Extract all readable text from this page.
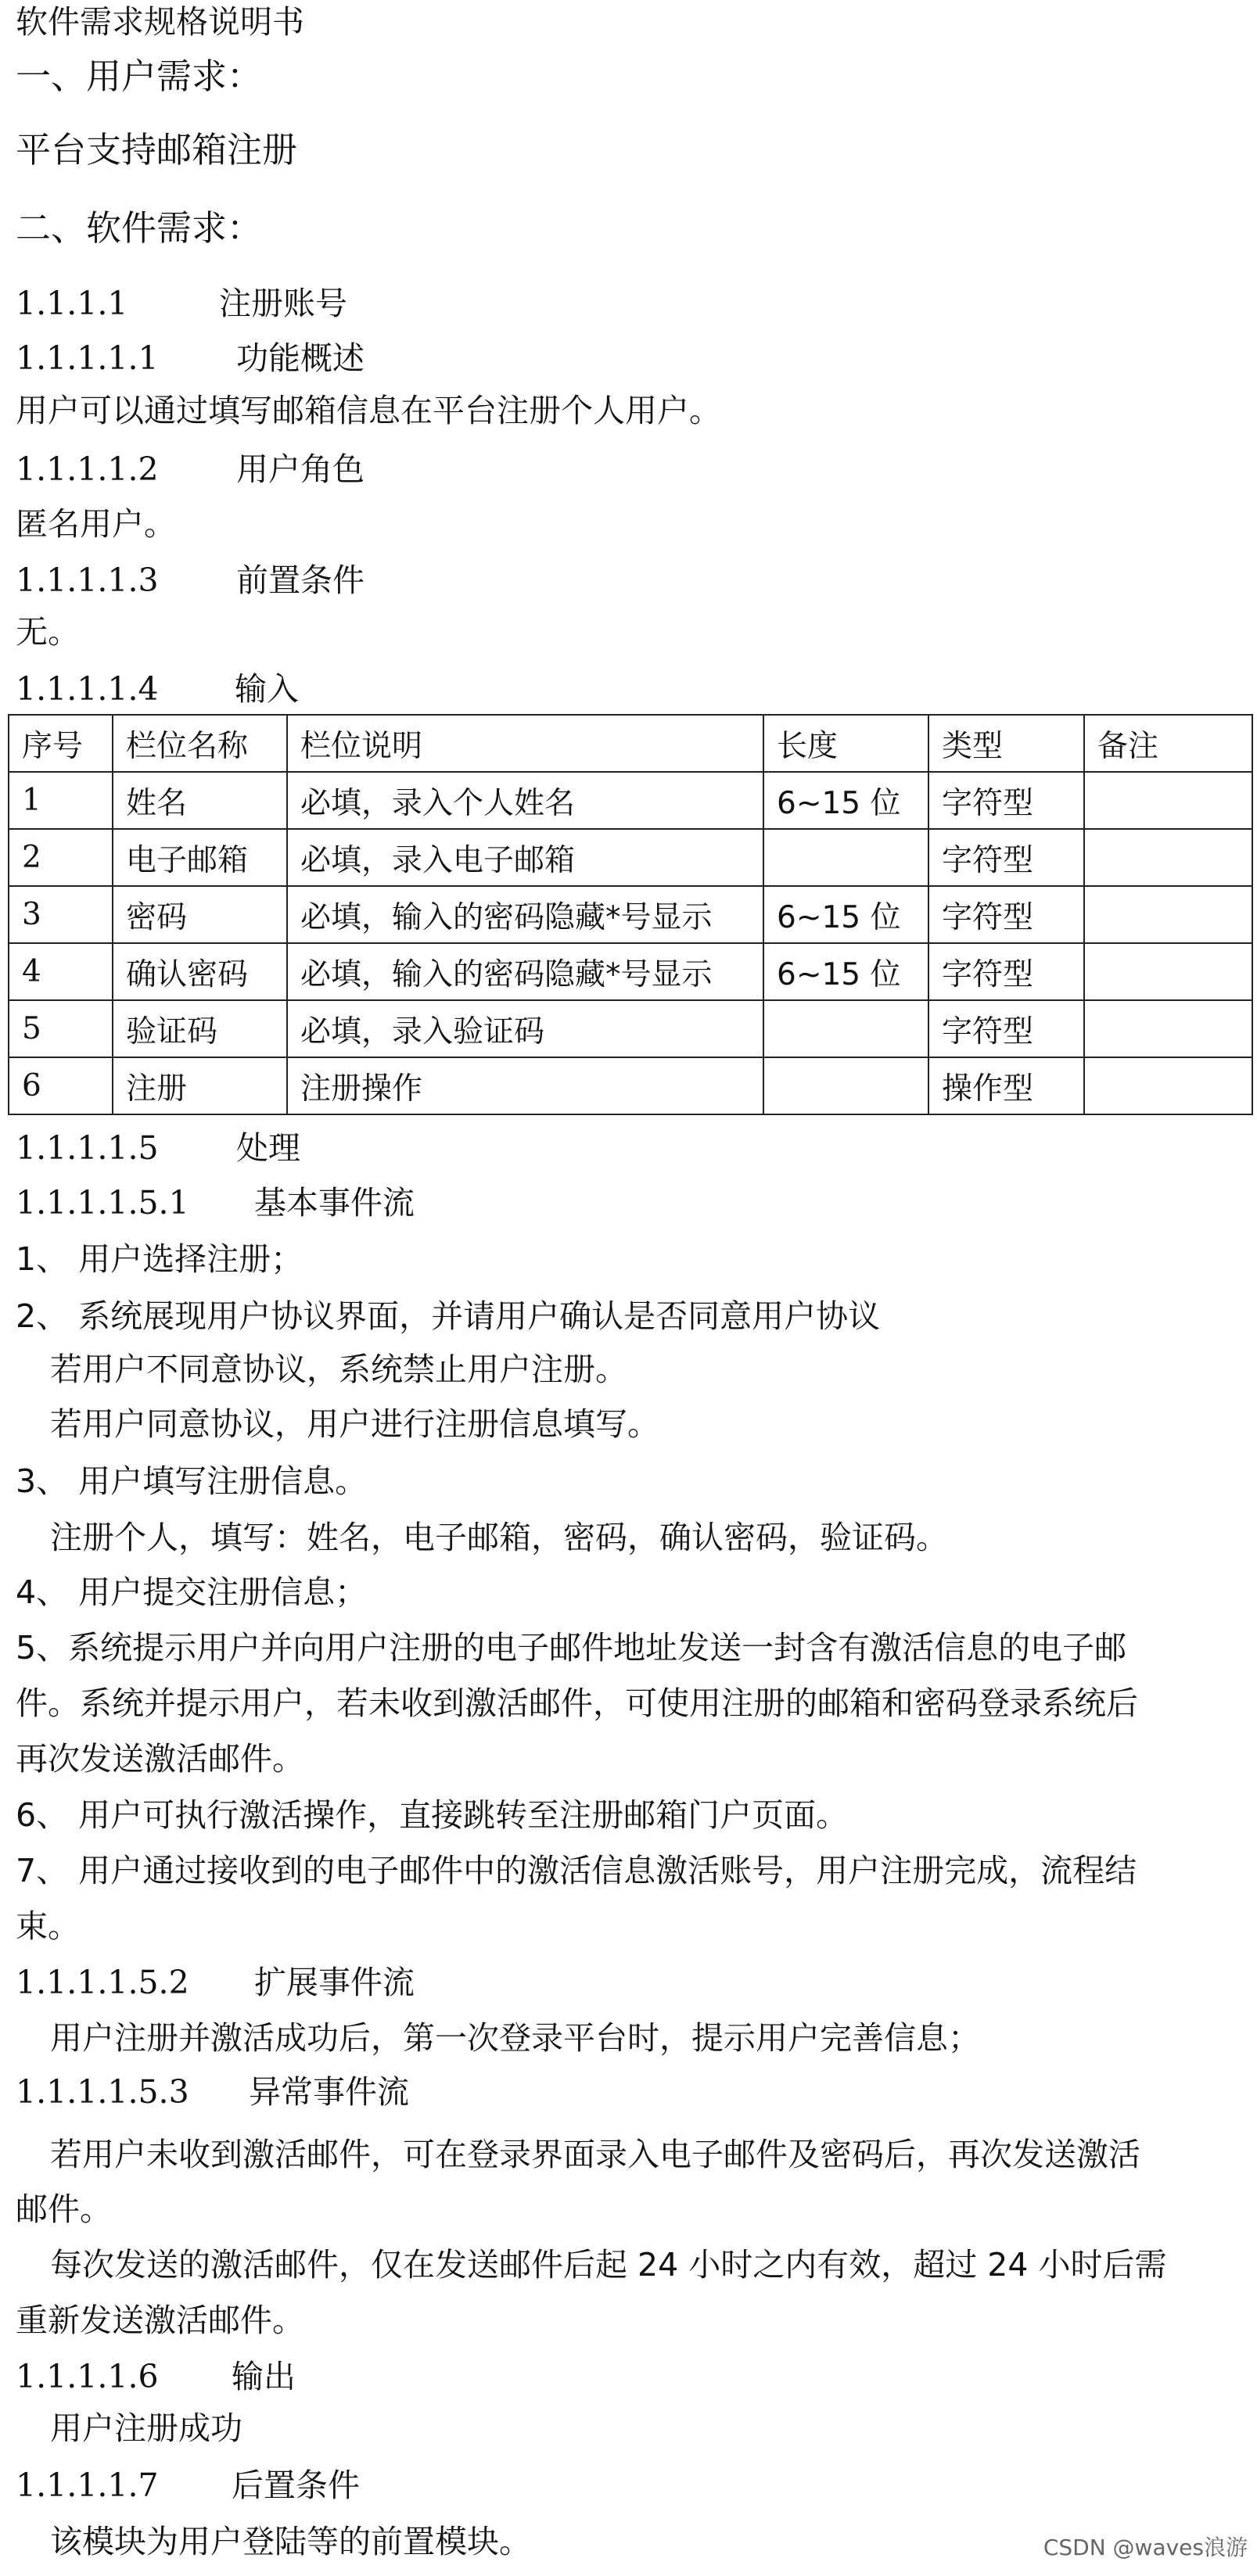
软件需求规格说明书
一、用户需求：
平台支持邮箱注册
二、软件需求：
1.1.1.1	注册账号
1.1.1.1.1 功能概述
用户可以通过填写邮箱信息在平台注册个人用户。
1.1.1.1.2 用户角色
匿名用户。
1.1.1.1.3 前置条件
无。
1.1.1.1.4 输入
序号	栏位名称	栏位说明	长度	类型	备注
1	姓名	必填，录入个人姓名	6~15 位	字符型	
2	电子邮箱	必填，录入电子邮箱		字符型	
3	密码	必填，输入的密码隐藏*号显示	6~15 位	字符型	
4	确认密码	必填，输入的密码隐藏*号显示	6~15 位	字符型	
5	验证码	必填，录入验证码		字符型	
6	注册	注册操作		操作型	
1.1.1.1.5 处理
1.1.1.1.5.1 基本事件流
1、 用户选择注册；
2、 系统展现用户协议界面，并请用户确认是否同意用户协议
若用户不同意协议，系统禁止用户注册。
若用户同意协议，用户进行注册信息填写。
3、 用户填写注册信息。
注册个人，填写：姓名，电子邮箱，密码，确认密码，验证码。
4、 用户提交注册信息；
5、系统提示用户并向用户注册的电子邮件地址发送一封含有激活信息的电子邮
件。系统并提示用户，若未收到激活邮件，可使用注册的邮箱和密码登录系统后
再次发送激活邮件。
6、 用户可执行激活操作，直接跳转至注册邮箱门户页面。
7、 用户通过接收到的电子邮件中的激活信息激活账号，用户注册完成，流程结
束。
1.1.1.1.5.2 扩展事件流
用户注册并激活成功后，第一次登录平台时，提示用户完善信息；
1.1.1.1.5.3 异常事件流
若用户未收到激活邮件，可在登录界面录入电子邮件及密码后，再次发送激活
邮件。
每次发送的激活邮件，仅在发送邮件后起 24 小时之内有效，超过 24 小时后需
重新发送激活邮件。
1.1.1.1.6 输出
用户注册成功
1.1.1.1.7 后置条件
该模块为用户登陆等的前置模块。	CSDN @waves浪游
